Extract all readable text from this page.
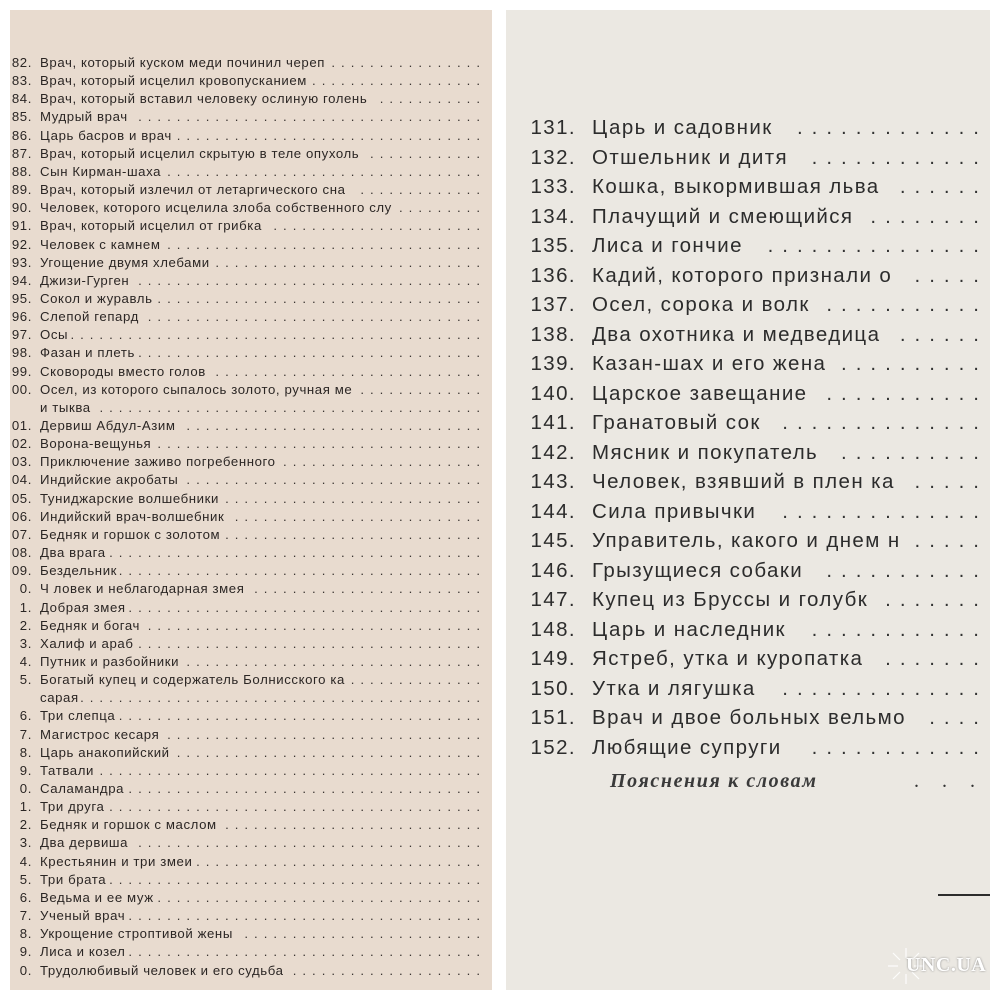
82. Врач, который куском меди починил череп ................
83. Врач, который исцелил кровопусканием ..................
84. Врач, который вставил человеку ослиную голень ...........
85. Мудрый врач ....................................
86. Царь басров и врач ................................
87. Врач, который исцелил скрытую в теле опухоль ............
88. Сын Кирман-шаха .................................
89. Врач, который излечил от летаргического сна .............
90. Человек, которого исцелила злоба собственного слу .........
91. Врач, который исцелил от грибка ......................
92. Человек с камнем .................................
93. Угощение двумя хлебами ............................
94. Джизи-Гурген ....................................
95. Сокол и журавль ..................................
96. Слепой гепард ...................................
97. Осы ...........................................
98. Фазан и плеть ....................................
99. Сковороды вместо голов ............................
00. Осел, из которого сыпалось золото, ручная ме .............
и тыква ........................................
01. Дервиш Абдул-Азим ...............................
02. Ворона-вещунья ..................................
03. Приключение заживо погребенного .....................
04. Индийские акробаты ...............................
05. Туниджарские волшебники ...........................
06. Индийский врач-волшебник ..........................
07. Бедняк и горшок с золотом ...........................
08. Два врага .......................................
09. Бездельник ......................................
0. Ч ловек и неблагодарная змея ........................
1. Добрая змея .....................................
2. Бедняк и богач ...................................
3. Халиф и араб ....................................
4. Путник и разбойники ...............................
5. Богатый купец и содержатель Болнисского ка ..............
сарая ..........................................
6. Три слепца ......................................
7. Магистрос кесаря .................................
8. Царь анакопийский ................................
9. Татвали ........................................
0. Саламандра .....................................
1. Три друга .......................................
2. Бедняк и горшок с маслом ...........................
3. Два дервиша ....................................
4. Крестьянин и три змеи ..............................
5. Три брата .......................................
6. Ведьма и ее муж ..................................
7. Ученый врач .....................................
8. Укрощение строптивой жены .........................
9. Лиса и козел .....................................
0. Трудолюбивый человек и его судьба ....................
131. Царь и садовник .............
132. Отшельник и дитя ............
133. Кошка, выкормившая льва ......
134. Плачущий и смеющийся ........
135. Лиса и гончие ...............
136. Кадий, которого признали о .....
137. Осел, сорока и волк ...........
138. Два охотника и медведица ......
139. Казан-шах и его жена ..........
140. Царское завещание ...........
141. Гранатовый сок ..............
142. Мясник и покупатель ..........
143. Человек, взявший в плен ка .....
144. Сила привычки ..............
145. Управитель, какого и днем н .....
146. Грызущиеся собаки ...........
147. Купец из Бруссы и голубк .......
148. Царь и наследник ............
149. Ястреб, утка и куропатка .......
150. Утка и лягушка ..............
151. Врач и двое больных вельмо ....
152. Любящие супруги ............
Пояснения к словам	. . .
UNC.UA
